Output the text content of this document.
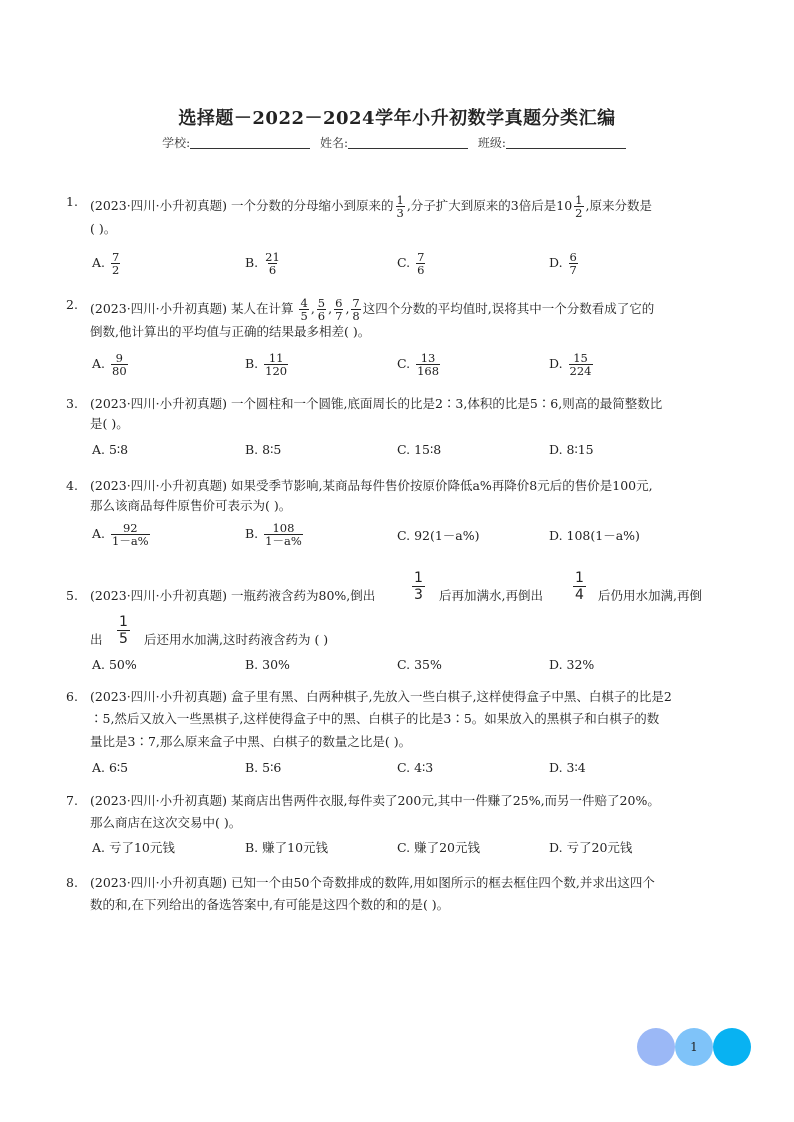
选择题－2022－2024学年小升初数学真题分类汇编
学校:	姓名:	班级:
1. (2023·四川·小升初真题) 一个分数的分母缩小到原来的 $\frac{1}{3}$ ,分子扩大到原来的3倍后是$10 \frac{1}{2}$ ,原来分数是
( )。
A. $\frac{7}{2}$	B. $\frac{21}{6}$	C. $\frac{7}{6}$	D. $\frac{6}{7}$
2. (2023·四川·小升初真题) 某人在计算 $\frac{4}{5}$ , $\frac{5}{6}$ , $\frac{6}{7}$ , $\frac{7}{8}$ 这四个分数的平均值时,误将其中一个分数看成了它的
倒数,他计算出的平均值与正确的结果最多相差( )。
A. $\frac{9}{80}$	B. $\frac{11}{120}$	C. $\frac{13}{168}$	D. $\frac{15}{224}$
3. (2023·四川·小升初真题) 一个圆柱和一个圆锥,底面周长的比是2∶3,体积的比是5∶6,则高的最简整数比
是( )。
A. 5∶8	B. 8∶5	C. 15∶8	D. 8∶15
4. (2023·四川·小升初真题) 如果受季节影响,某商品每件售价按原价降低a%再降价8元后的售价是100元,
那么该商品每件原售价可表示为( )。
A. $\frac{92}{1-a\%}$	B. $\frac{108}{1-a\%}$	C. 92(1－a%)	D. 108(1－a%)
5. (2023·四川·小升初真题) 一瓶药液含药为80%,倒出	$\frac{1}{3}$ 后再加满水,再倒出 $\frac{1}{4}$ 后仍用水加满,再倒
出 $\frac{1}{5}$ 后还用水加满,这时药液含药为 ( )
A. 50%	B. 30%	C. 35%	D. 32%
6. (2023·四川·小升初真题) 盒子里有黑、白两种棋子,先放入一些白棋子,这样使得盒子中黑、白棋子的比是2
∶5,然后又放入一些黑棋子,这样使得盒子中的黑、白棋子的比是3∶5。如果放入的黑棋子和白棋子的数
量比是3∶7,那么原来盒子中黑、白棋子的数量之比是( )。
A. 6∶5	B. 5∶6	C. 4∶3	D. 3∶4
7. (2023·四川·小升初真题) 某商店出售两件衣服,每件卖了200元,其中一件赚了25%,而另一件赔了20%。
那么商店在这次交易中( )。
A. 亏了10元钱	B. 赚了10元钱	C. 赚了20元钱	D. 亏了20元钱
8. (2023·四川·小升初真题) 已知一个由50个奇数排成的数阵,用如图所示的框去框住四个数,并求出这四个
数的和,在下列给出的备选答案中,有可能是这四个数的和的是( )。
1
